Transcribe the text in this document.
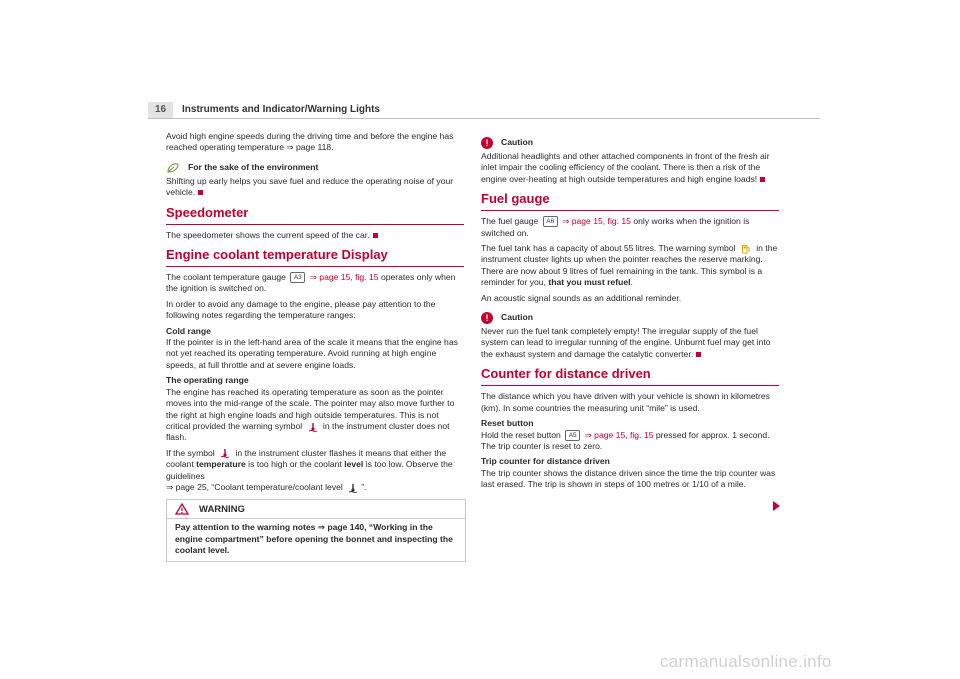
16	Instruments and Indicator/Warning Lights

Avoid high engine speeds during the driving time and before the engine has reached operating temperature ⇒ page 118.

For the sake of the environment

Shifting up early helps you save fuel and reduce the operating noise of your vehicle.

Speedometer

The speedometer shows the current speed of the car.

Engine coolant temperature Display

The coolant temperature gauge A3 ⇒ page 15, fig. 15 operates only when the ignition is switched on.

In order to avoid any damage to the engine, please pay attention to the following notes regarding the temperature ranges:

Cold range

If the pointer is in the left-hand area of the scale it means that the engine has not yet reached its operating temperature. Avoid running at high engine speeds, at full throttle and at severe engine loads.

The operating range

The engine has reached its operating temperature as soon as the pointer moves into the mid-range of the scale. The pointer may also move further to the right at high engine loads and high outside temperatures. This is not critical provided the warning symbol in the instrument cluster does not flash.

If the symbol in the instrument cluster flashes it means that either the coolant temperature is too high or the coolant level is too low. Observe the guidelines
⇒ page 25, “Coolant temperature/coolant level ”.

WARNING
Pay attention to the warning notes ⇒ page 140, “Working in the engine compartment” before opening the bonnet and inspecting the coolant level.
!	Caution

Additional headlights and other attached components in front of the fresh air inlet impair the cooling efficiency of the coolant. There is then a risk of the engine over-heating at high outside temperatures and high engine loads!

Fuel gauge

The fuel gauge A6 ⇒ page 15, fig. 15 only works when the ignition is switched on.

The fuel tank has a capacity of about 55 litres. The warning symbol in the instrument cluster lights up when the pointer reaches the reserve marking. There are now about 9 litres of fuel remaining in the tank. This symbol is a reminder for you, that you must refuel.

An acoustic signal sounds as an additional reminder.

!	Caution

Never run the fuel tank completely empty! The irregular supply of the fuel system can lead to irregular running of the engine. Unburnt fuel may get into the exhaust system and damage the catalytic converter.

Counter for distance driven

The distance which you have driven with your vehicle is shown in kilometres (km). In some countries the measuring unit “mile” is used.

Reset button

Hold the reset button A5 ⇒ page 15, fig. 15 pressed for approx. 1 second. The trip counter is reset to zero.

Trip counter for distance driven

The trip counter shows the distance driven since the time the trip counter was last erased. The trip is shown in steps of 100 metres or 1/10 of a mile.

carmanualsonline.info
